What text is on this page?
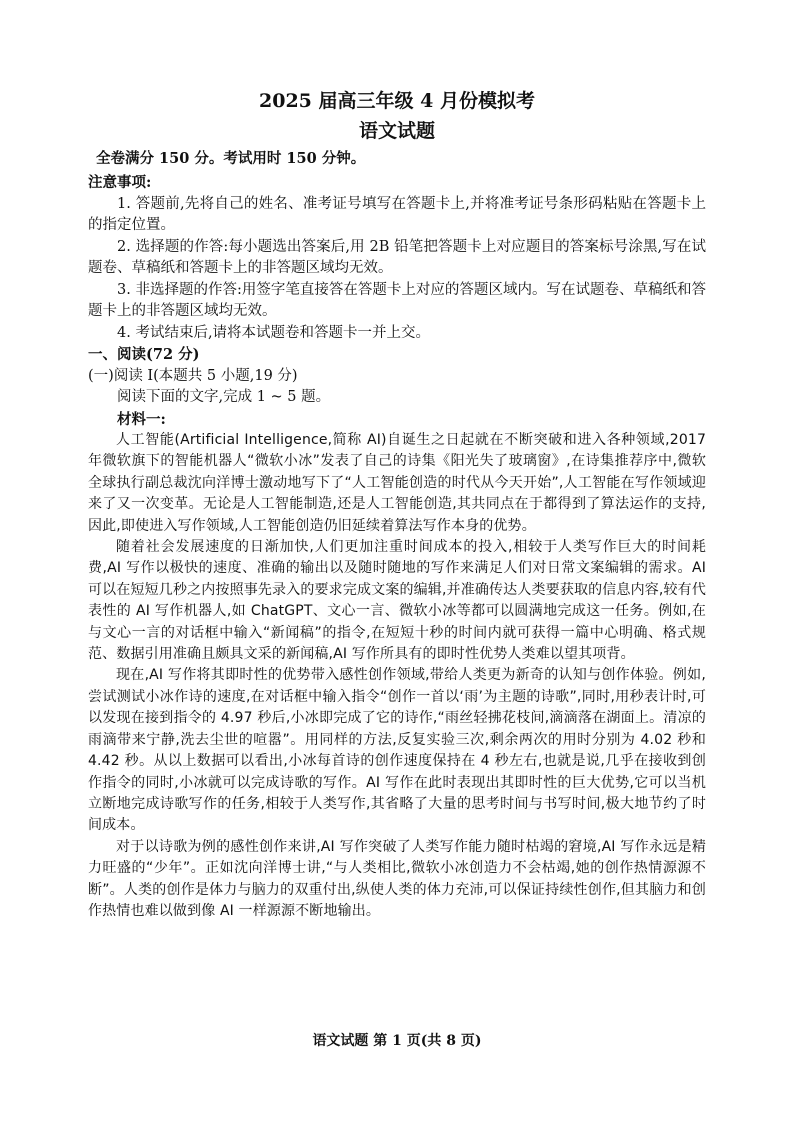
2025 届高三年级 4 月份模拟考
语文试题
全卷满分 150 分。考试用时 150 分钟。
注意事项:

1. 答题前,先将自己的姓名、准考证号填写在答题卡上,并将准考证号条形码粘贴在答题卡上的指定位置。

2. 选择题的作答:每小题选出答案后,用 2B 铅笔把答题卡上对应题目的答案标号涂黑,写在试题卷、草稿纸和答题卡上的非答题区域均无效。

3. 非选择题的作答:用签字笔直接答在答题卡上对应的答题区域内。写在试题卷、草稿纸和答题卡上的非答题区域均无效。

4. 考试结束后,请将本试题卷和答题卡一并上交。

一、阅读(72 分)

(一)阅读 I(本题共 5 小题,19 分)

阅读下面的文字,完成 1 ~ 5 题。

材料一:

人工智能(Artificial Intelligence,简称 AI)自诞生之日起就在不断突破和进入各种领域,2017 年微软旗下的智能机器人“微软小冰”发表了自己的诗集《阳光失了玻璃窗》,在诗集推荐序中,微软全球执行副总裁沈向洋博士激动地写下了“人工智能创造的时代从今天开始”,人工智能在写作领域迎来了又一次变革。无论是人工智能制造,还是人工智能创造,其共同点在于都得到了算法运作的支持,因此,即使进入写作领域,人工智能创造仍旧延续着算法写作本身的优势。

随着社会发展速度的日渐加快,人们更加注重时间成本的投入,相较于人类写作巨大的时间耗费,AI 写作以极快的速度、准确的输出以及随时随地的写作来满足人们对日常文案编辑的需求。AI 可以在短短几秒之内按照事先录入的要求完成文案的编辑,并准确传达人类要获取的信息内容,较有代表性的 AI 写作机器人,如 ChatGPT、文心一言、微软小冰等都可以圆满地完成这一任务。例如,在与文心一言的对话框中输入“新闻稿”的指令,在短短十秒的时间内就可获得一篇中心明确、格式规范、数据引用准确且颇具文采的新闻稿,AI 写作所具有的即时性优势人类难以望其项背。

现在,AI 写作将其即时性的优势带入感性创作领域,带给人类更为新奇的认知与创作体验。例如,尝试测试小冰作诗的速度,在对话框中输入指令“创作一首以‘雨’为主题的诗歌”,同时,用秒表计时,可以发现在接到指令的 4.97 秒后,小冰即完成了它的诗作,“雨丝轻拂花枝间,滴滴落在湖面上。清凉的雨滴带来宁静,洗去尘世的喧嚣”。用同样的方法,反复实验三次,剩余两次的用时分别为 4.02 秒和 4.42 秒。从以上数据可以看出,小冰每首诗的创作速度保持在 4 秒左右,也就是说,几乎在接收到创作指令的同时,小冰就可以完成诗歌的写作。AI 写作在此时表现出其即时性的巨大优势,它可以当机立断地完成诗歌写作的任务,相较于人类写作,其省略了大量的思考时间与书写时间,极大地节约了时间成本。

对于以诗歌为例的感性创作来讲,AI 写作突破了人类写作能力随时枯竭的窘境,AI 写作永远是精力旺盛的“少年”。正如沈向洋博士讲,“与人类相比,微软小冰创造力不会枯竭,她的创作热情源源不断”。人类的创作是体力与脑力的双重付出,纵使人类的体力充沛,可以保证持续性创作,但其脑力和创作热情也难以做到像 AI 一样源源不断地输出。

语文试题 第 1 页(共 8 页)
